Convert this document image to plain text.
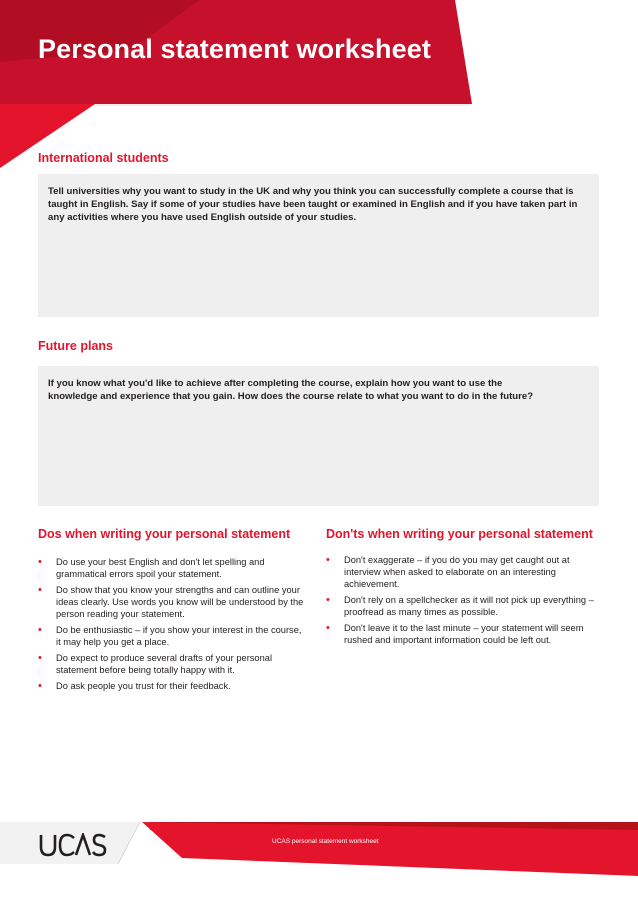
Personal statement worksheet
International students

Tell universities why you want to study in the UK and why you think you can successfully complete a course that is taught in English. Say if some of your studies have been taught or examined in English and if you have taken part in any activities where you have used English outside of your studies.

Future plans

If you know what you'd like to achieve after completing the course, explain how you want to use the knowledge and experience that you gain. How does the course relate to what you want to do in the future?

Dos when writing your personal statement
• Do use your best English and don't let spelling and grammatical errors spoil your statement.
• Do show that you know your strengths and can outline your ideas clearly. Use words you know will be understood by the person reading your statement.
• Do be enthusiastic – if you show your interest in the course, it may help you get a place.
• Do expect to produce several drafts of your personal statement before being totally happy with it.
• Do ask people you trust for their feedback.
Don'ts when writing your personal statement
• Don't exaggerate – if you do you may get caught out at interview when asked to elaborate on an interesting achievement.
• Don't rely on a spellchecker as it will not pick up everything – proofread as many times as possible.
• Don't leave it to the last minute – your statement will seem rushed and important information could be left out.
UCAS personal statement worksheet
